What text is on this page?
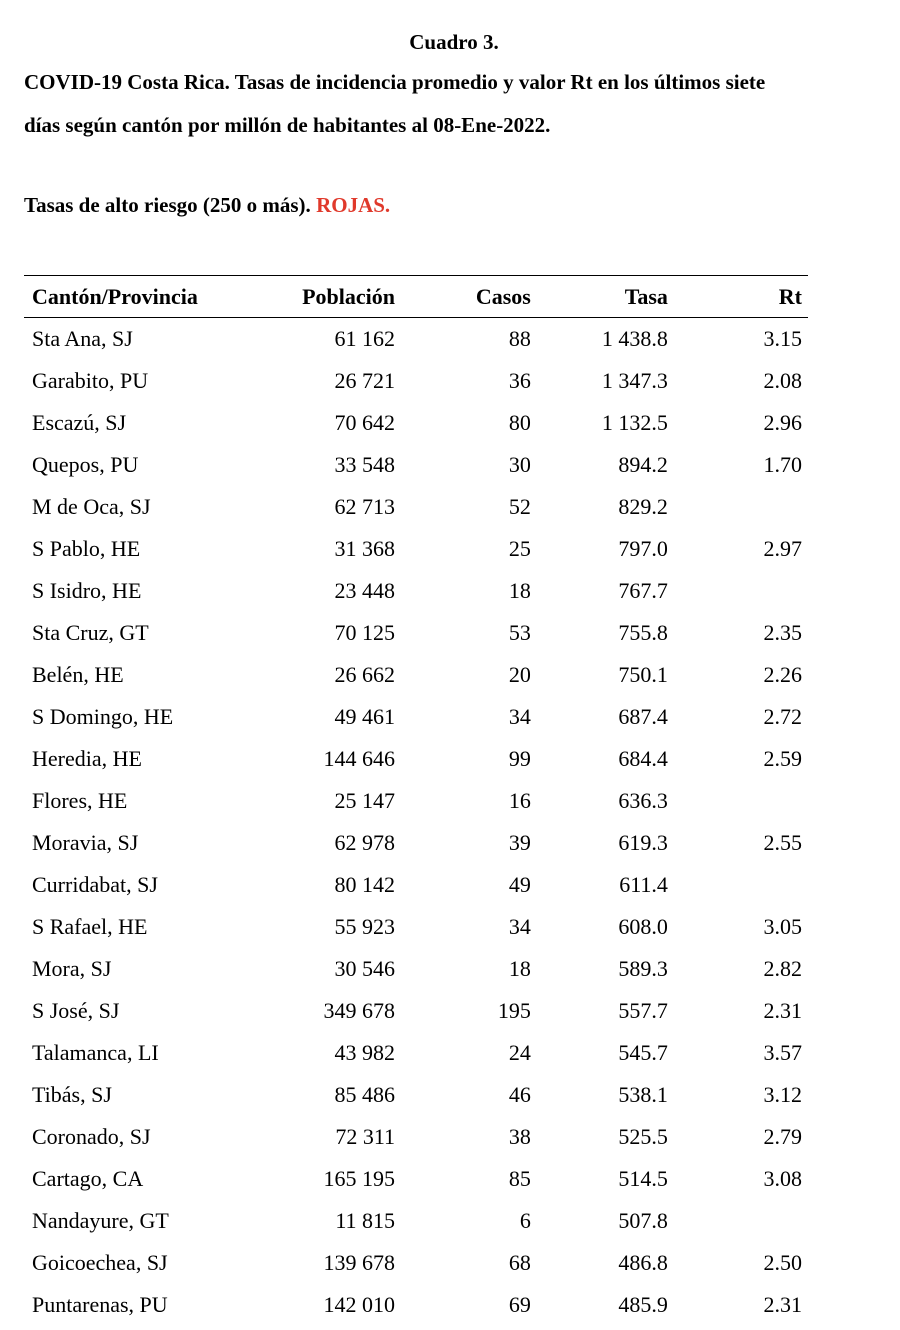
Cuadro 3.
COVID-19 Costa Rica. Tasas de incidencia promedio y valor Rt en los últimos siete
días según cantón por millón de habitantes al 08-Ene-2022.
Tasas de alto riesgo (250 o más). ROJAS.
Cantón/Provincia	Población	Casos	Tasa	Rt
Sta Ana, SJ	61 162	88	1 438.8	3.15
Garabito, PU	26 721	36	1 347.3	2.08
Escazú, SJ	70 642	80	1 132.5	2.96
Quepos, PU	33 548	30	894.2	1.70
M de Oca, SJ	62 713	52	829.2	
S Pablo, HE	31 368	25	797.0	2.97
S Isidro, HE	23 448	18	767.7	
Sta Cruz, GT	70 125	53	755.8	2.35
Belén, HE	26 662	20	750.1	2.26
S Domingo, HE	49 461	34	687.4	2.72
Heredia, HE	144 646	99	684.4	2.59
Flores, HE	25 147	16	636.3	
Moravia, SJ	62 978	39	619.3	2.55
Curridabat, SJ	80 142	49	611.4	
S Rafael, HE	55 923	34	608.0	3.05
Mora, SJ	30 546	18	589.3	2.82
S José, SJ	349 678	195	557.7	2.31
Talamanca, LI	43 982	24	545.7	3.57
Tibás, SJ	85 486	46	538.1	3.12
Coronado, SJ	72 311	38	525.5	2.79
Cartago, CA	165 195	85	514.5	3.08
Nandayure, GT	11 815	6	507.8	
Goicoechea, SJ	139 678	68	486.8	2.50
Puntarenas, PU	142 010	69	485.9	2.31
